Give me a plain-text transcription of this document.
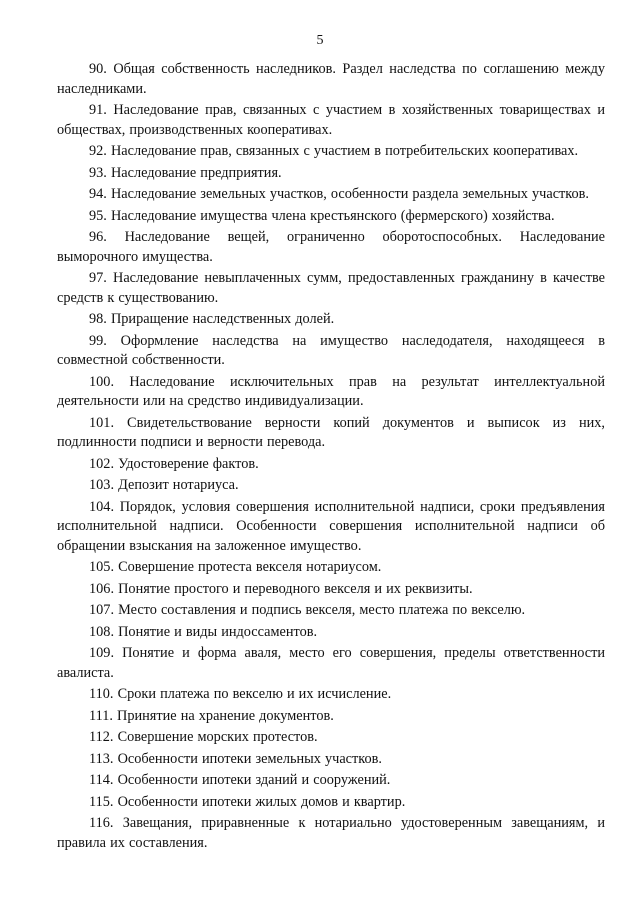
5

90. Общая собственность наследников. Раздел наследства по соглашению между наследниками.

91. Наследование прав, связанных с участием в хозяйственных товариществах и обществах, производственных кооперативах.

92. Наследование прав, связанных с участием в потребительских кооперативах.

93. Наследование предприятия.

94. Наследование земельных участков, особенности раздела земельных участков.

95. Наследование имущества члена крестьянского (фермерского) хозяйства.

96. Наследование вещей, ограниченно оборотоспособных. Наследование выморочного имущества.

97. Наследование невыплаченных сумм, предоставленных гражданину в качестве средств к существованию.

98. Приращение наследственных долей.

99. Оформление наследства на имущество наследодателя, находящееся в совместной собственности.

100. Наследование исключительных прав на результат интеллектуальной деятельности или на средство индивидуализации.

101. Свидетельствование верности копий документов и выписок из них, подлинности подписи и верности перевода.

102. Удостоверение фактов.

103. Депозит нотариуса.

104. Порядок, условия совершения исполнительной надписи, сроки предъявления исполнительной надписи. Особенности совершения исполнительной надписи об обращении взыскания на заложенное имущество.

105. Совершение протеста векселя нотариусом.

106. Понятие простого и переводного векселя и их реквизиты.

107. Место составления и подпись векселя, место платежа по векселю.

108. Понятие и виды индоссаментов.

109. Понятие и форма аваля, место его совершения, пределы ответственности авалиста.

110. Сроки платежа по векселю и их исчисление.

111. Принятие на хранение документов.

112. Совершение морских протестов.

113. Особенности ипотеки земельных участков.

114. Особенности ипотеки зданий и сооружений.

115. Особенности ипотеки жилых домов и квартир.

116. Завещания, приравненные к нотариально удостоверенным завещаниям, и правила их составления.
